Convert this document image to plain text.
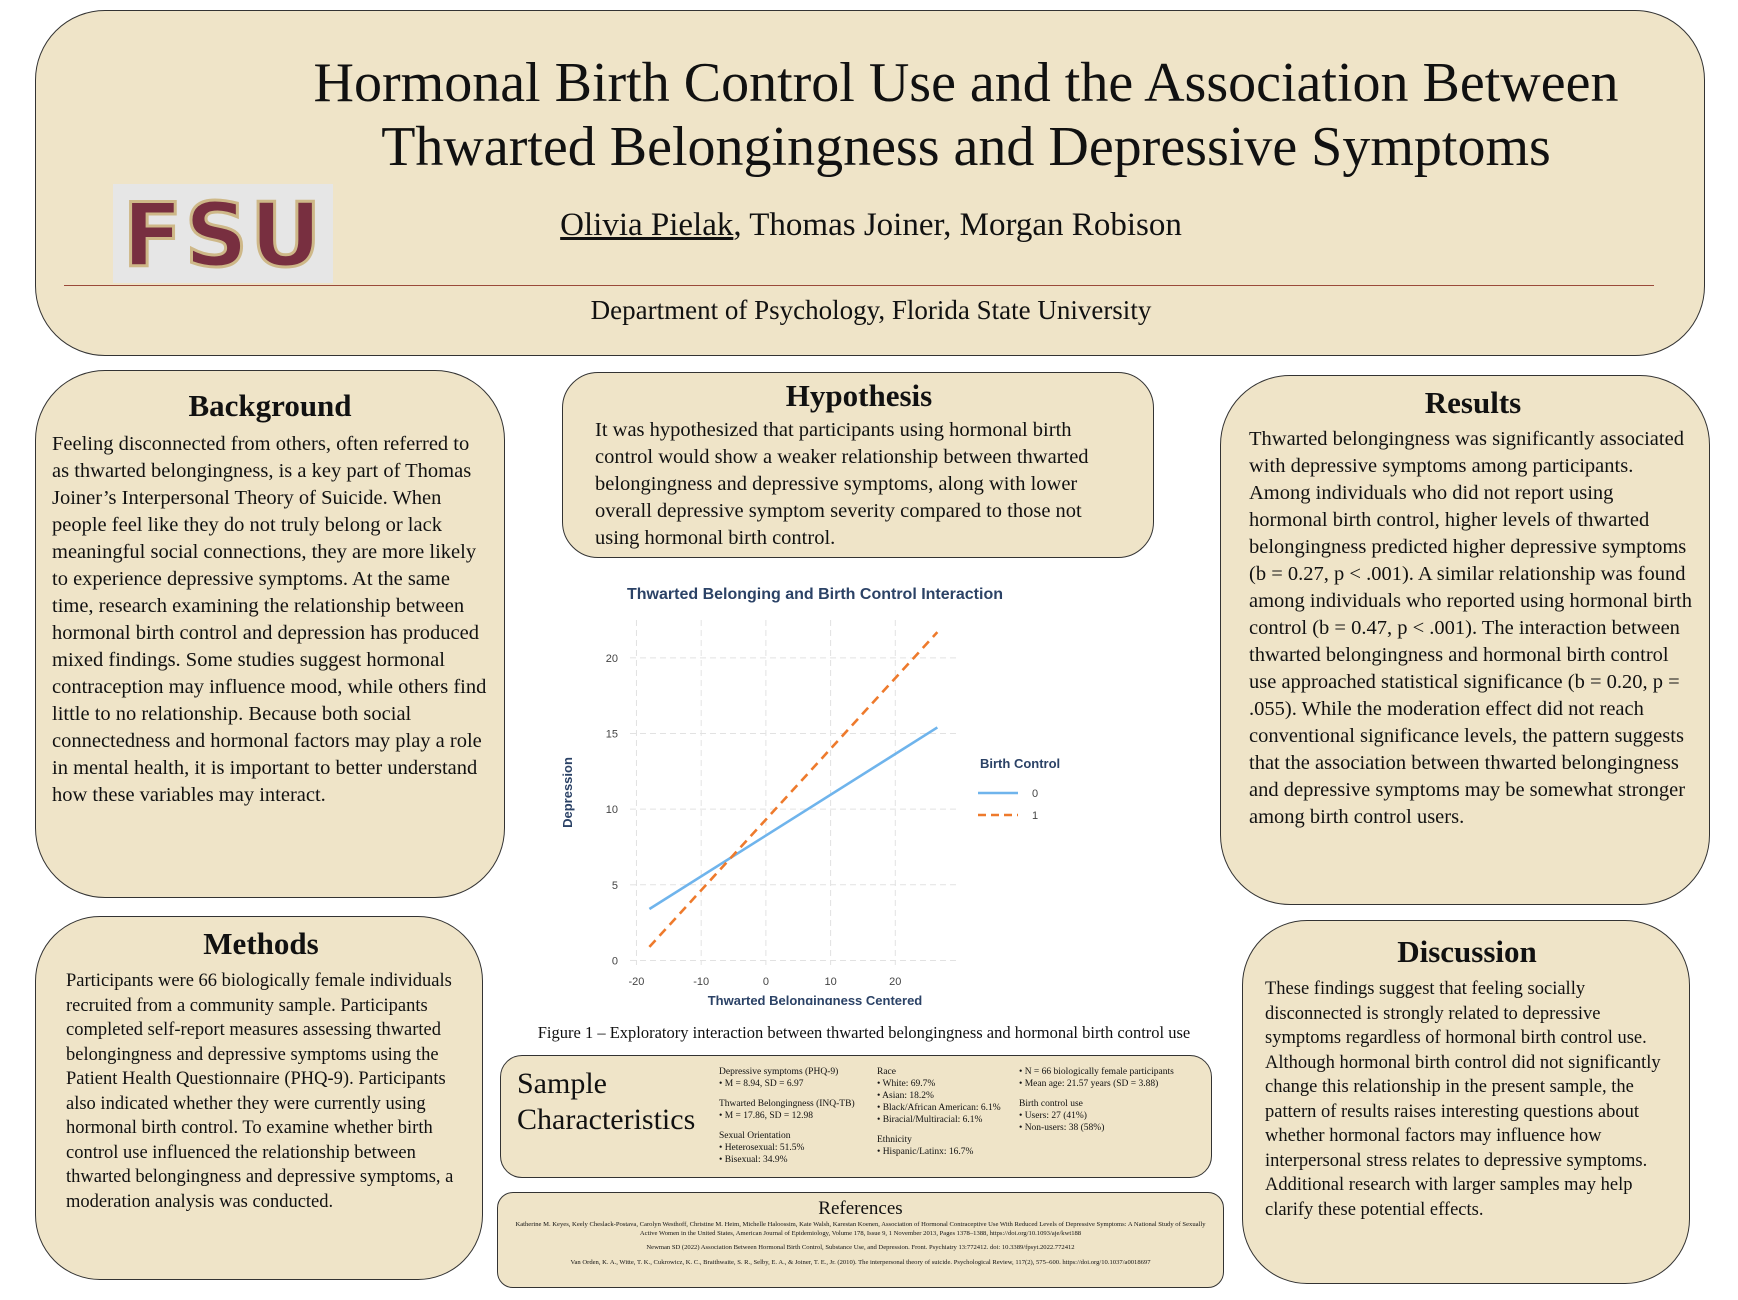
Hormonal Birth Control Use and the Association Between
Thwarted Belongingness and Depressive Symptoms
FSU	Olivia Pielak, Thomas Joiner, Morgan Robison
Department of Psychology, Florida State University
Background

Feeling disconnected from others, often referred to as thwarted belongingness, is a key part of Thomas Joiner’s Interpersonal Theory of Suicide. When people feel like they do not truly belong or lack meaningful social connections, they are more likely to experience depressive symptoms. At the same time, research examining the relationship between hormonal birth control and depression has produced mixed findings. Some studies suggest hormonal contraception may influence mood, while others find little to no relationship. Because both social connectedness and hormonal factors may play a role in mental health, it is important to better understand how these variables may interact.

Methods

Participants were 66 biologically female individuals recruited from a community sample. Participants completed self-report measures assessing thwarted belongingness and depressive symptoms using the Patient Health Questionnaire (PHQ-9). Participants also indicated whether they were currently using hormonal birth control. To examine whether birth control use influenced the relationship between thwarted belongingness and depressive symptoms, a moderation analysis was conducted.

Hypothesis

It was hypothesized that participants using hormonal birth control would show a weaker relationship between thwarted belongingness and depressive symptoms, along with lower overall depressive symptom severity compared to those not using hormonal birth control.

0
5
10
15
20
-20	-10	0	10	20
Thwarted Belonging and Birth Control Interaction
Thwarted Belongingness Centered
Depression	Birth Control
0
1
Figure 1 – Exploratory interaction between thwarted belongingness and hormonal birth control use
Results

Thwarted belongingness was significantly associated with depressive symptoms among participants. Among individuals who did not report using hormonal birth control, higher levels of thwarted belongingness predicted higher depressive symptoms (b = 0.27, p < .001). A similar relationship was found among individuals who reported using hormonal birth control (b = 0.47, p < .001). The interaction between thwarted belongingness and hormonal birth control use approached statistical significance (b = 0.20, p = .055). While the moderation effect did not reach conventional significance levels, the pattern suggests that the association between thwarted belongingness and depressive symptoms may be somewhat stronger among birth control users.

Discussion

These findings suggest that feeling socially disconnected is strongly related to depressive symptoms regardless of hormonal birth control use. Although hormonal birth control did not significantly change this relationship in the present sample, the pattern of results raises interesting questions about whether hormonal factors may influence how interpersonal stress relates to depressive symptoms. Additional research with larger samples may help clarify these potential effects.

Sample
Characteristics
Depressive symptoms (PHQ-9)
• M = 8.94, SD = 6.97
Thwarted Belongingness (INQ-TB)
• M = 17.86, SD = 12.98
Sexual Orientation
• Heterosexual: 51.5%
• Bisexual: 34.9%
Race
• White: 69.7%
• Asian: 18.2%
• Black/African American: 6.1%
• Biracial/Multiracial: 6.1%
Ethnicity
• Hispanic/Latinx: 16.7%
• N = 66 biologically female participants
• Mean age: 21.57 years (SD = 3.88)
Birth control use
• Users: 27 (41%)
• Non-users: 38 (58%)
References

Katherine M. Keyes, Keely Cheslack-Postava, Carolyn Westhoff, Christine M. Heim, Michelle Haloossim, Kate Walsh, Karestan Koenen, Association of Hormonal Contraceptive Use With Reduced Levels of Depressive Symptoms: A National Study of Sexually Active Women in the United States, American Journal of Epidemiology, Volume 178, Issue 9, 1 November 2013, Pages 1378–1388, https://doi.org/10.1093/aje/kwt188

Newman SD (2022) Association Between Hormonal Birth Control, Substance Use, and Depression. Front. Psychiatry 13:772412. doi: 10.3389/fpsyt.2022.772412

Van Orden, K. A., Witte, T. K., Cukrowicz, K. C., Braithwaite, S. R., Selby, E. A., & Joiner, T. E., Jr. (2010). The interpersonal theory of suicide. Psychological Review, 117(2), 575–600. https://doi.org/10.1037/a0018697
